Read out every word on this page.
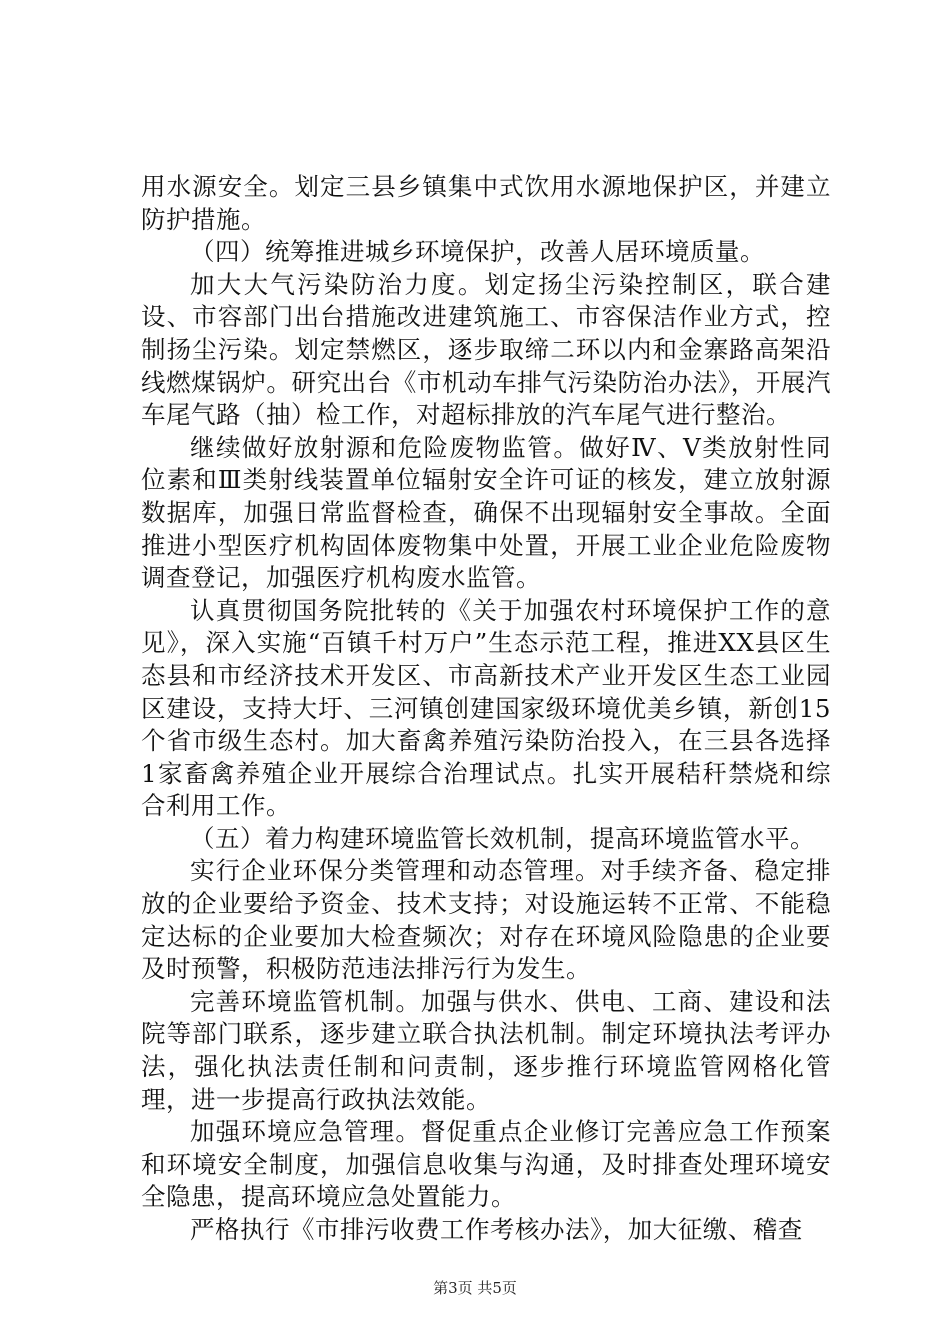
用水源安全。划定三县乡镇集中式饮用水源地保护区，并建立防护措施。

（四）统筹推进城乡环境保护，改善人居环境质量。

加大大气污染防治力度。划定扬尘污染控制区，联合建设、市容部门出台措施改进建筑施工、市容保洁作业方式，控制扬尘污染。划定禁燃区，逐步取缔二环以内和金寨路高架沿线燃煤锅炉。研究出台《市机动车排气污染防治办法》，开展汽车尾气路（抽）检工作，对超标排放的汽车尾气进行整治。

继续做好放射源和危险废物监管。做好Ⅳ、Ⅴ类放射性同位素和Ⅲ类射线装置单位辐射安全许可证的核发，建立放射源数据库，加强日常监督检查，确保不出现辐射安全事故。全面推进小型医疗机构固体废物集中处置，开展工业企业危险废物调查登记，加强医疗机构废水监管。

认真贯彻国务院批转的《关于加强农村环境保护工作的意见》，深入实施“百镇千村万户”生态示范工程，推进XX县区生态县和市经济技术开发区、市高新技术产业开发区生态工业园区建设，支持大圩、三河镇创建国家级环境优美乡镇，新创15个省市级生态村。加大畜禽养殖污染防治投入，在三县各选择1家畜禽养殖企业开展综合治理试点。扎实开展秸秆禁烧和综合利用工作。

（五）着力构建环境监管长效机制，提高环境监管水平。

实行企业环保分类管理和动态管理。对手续齐备、稳定排放的企业要给予资金、技术支持；对设施运转不正常、不能稳定达标的企业要加大检查频次；对存在环境风险隐患的企业要及时预警，积极防范违法排污行为发生。

完善环境监管机制。加强与供水、供电、工商、建设和法院等部门联系，逐步建立联合执法机制。制定环境执法考评办法，强化执法责任制和问责制，逐步推行环境监管网格化管理，进一步提高行政执法效能。

加强环境应急管理。督促重点企业修订完善应急工作预案和环境安全制度，加强信息收集与沟通，及时排查处理环境安全隐患，提高环境应急处置能力。

严格执行《市排污收费工作考核办法》，加大征缴、稽查

第3页 共5页
